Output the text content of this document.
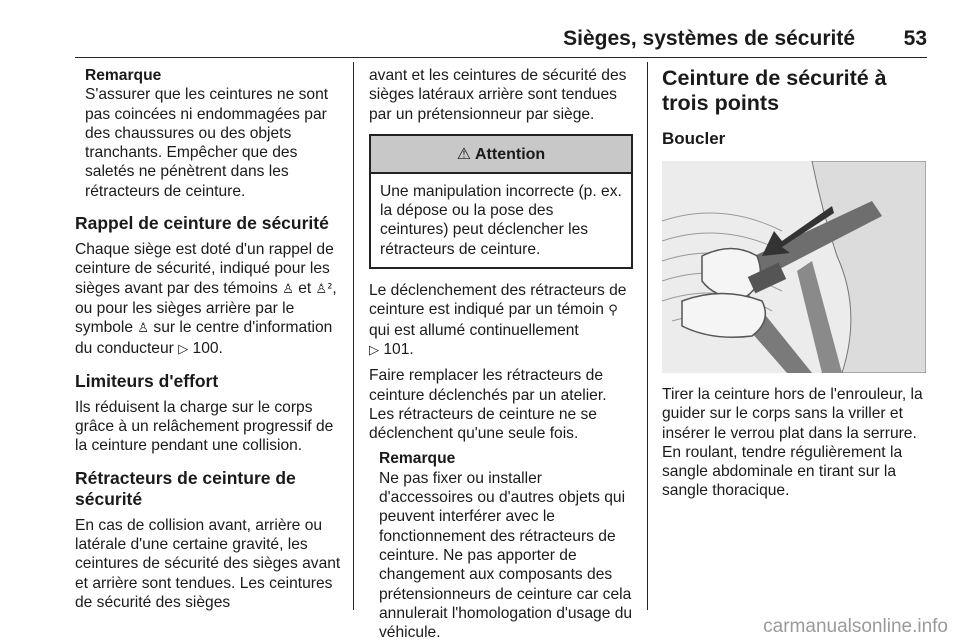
Sièges, systèmes de sécurité 53

Remarque

S'assurer que les ceintures ne sont pas coincées ni endommagées par des chaussures ou des objets tranchants. Empêcher que des saletés ne pénètrent dans les rétracteurs de ceinture.

Rappel de ceinture de sécurité

Chaque siège est doté d'un rappel de ceinture de sécurité, indiqué pour les sièges avant par des témoins ♙ et ♙², ou pour les sièges arrière par le symbole ♙ sur le centre d'information du conducteur ▷ 100.

Limiteurs d'effort

Ils réduisent la charge sur le corps grâce à un relâchement progressif de la ceinture pendant une collision.

Rétracteurs de ceinture de sécurité

En cas de collision avant, arrière ou latérale d'une certaine gravité, les ceintures de sécurité des sièges avant et arrière sont tendues. Les ceintures de sécurité des sièges

avant et les ceintures de sécurité des sièges latéraux arrière sont tendues par un prétensionneur par siège.

⚠ Attention
Une manipulation incorrecte (p. ex. la dépose ou la pose des ceintures) peut déclencher les rétracteurs de ceinture.

Le déclenchement des rétracteurs de ceinture est indiqué par un témoin ⚲ qui est allumé continuellement
▷ 101.

Faire remplacer les rétracteurs de ceinture déclenchés par un atelier. Les rétracteurs de ceinture ne se déclenchent qu'une seule fois.

Remarque

Ne pas fixer ou installer d'accessoires ou d'autres objets qui peuvent interférer avec le fonctionnement des rétracteurs de ceinture. Ne pas apporter de changement aux composants des prétensionneurs de ceinture car cela annulerait l'homologation d'usage du véhicule.

Ceinture de sécurité à trois points
Boucler

Tirer la ceinture hors de l'enrouleur, la guider sur le corps sans la vriller et insérer le verrou plat dans la serrure. En roulant, tendre régulièrement la sangle abdominale en tirant sur la sangle thoracique.

carmanualsonline.info
